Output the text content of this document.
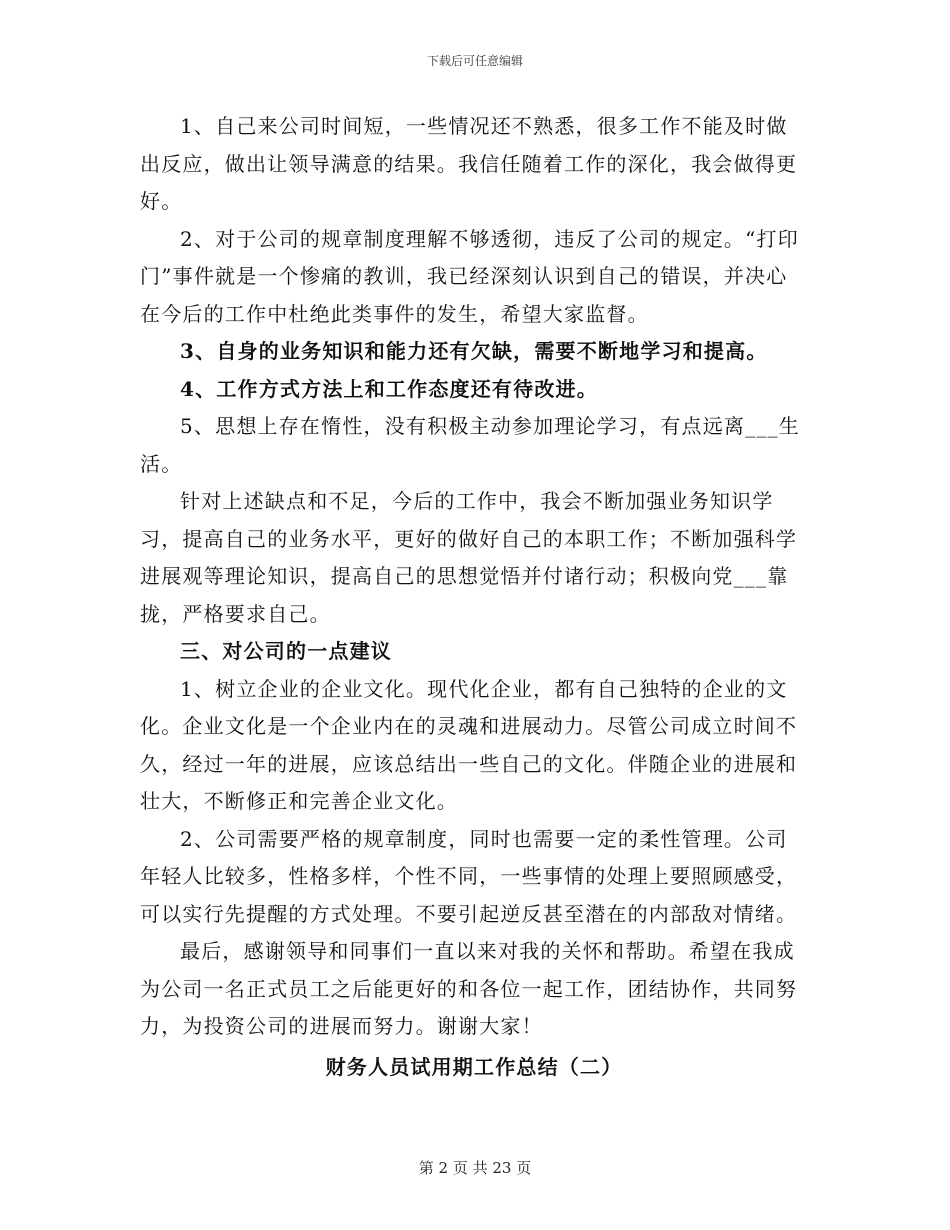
下载后可任意编辑

1、自己来公司时间短，一些情况还不熟悉，很多工作不能及时做出反应，做出让领导满意的结果。我信任随着工作的深化，我会做得更好。

2、对于公司的规章制度理解不够透彻，违反了公司的规定。“打印门”事件就是一个惨痛的教训，我已经深刻认识到自己的错误，并决心在今后的工作中杜绝此类事件的发生，希望大家监督。

3、自身的业务知识和能力还有欠缺，需要不断地学习和提高。

4、工作方式方法上和工作态度还有待改进。

5、思想上存在惰性，没有积极主动参加理论学习，有点远离___生活。

针对上述缺点和不足，今后的工作中，我会不断加强业务知识学习，提高自己的业务水平，更好的做好自己的本职工作；不断加强科学进展观等理论知识，提高自己的思想觉悟并付诸行动；积极向党___靠拢，严格要求自己。

三、对公司的一点建议

1、树立企业的企业文化。现代化企业，都有自己独特的企业的文化。企业文化是一个企业内在的灵魂和进展动力。尽管公司成立时间不久，经过一年的进展，应该总结出一些自己的文化。伴随企业的进展和壮大，不断修正和完善企业文化。

2、公司需要严格的规章制度，同时也需要一定的柔性管理。公司年轻人比较多，性格多样，个性不同，一些事情的处理上要照顾感受，可以实行先提醒的方式处理。不要引起逆反甚至潜在的内部敌对情绪。

最后，感谢领导和同事们一直以来对我的关怀和帮助。希望在我成为公司一名正式员工之后能更好的和各位一起工作，团结协作，共同努力，为投资公司的进展而努力。谢谢大家！

财务人员试用期工作总结（二）

第 2 页 共 23 页
